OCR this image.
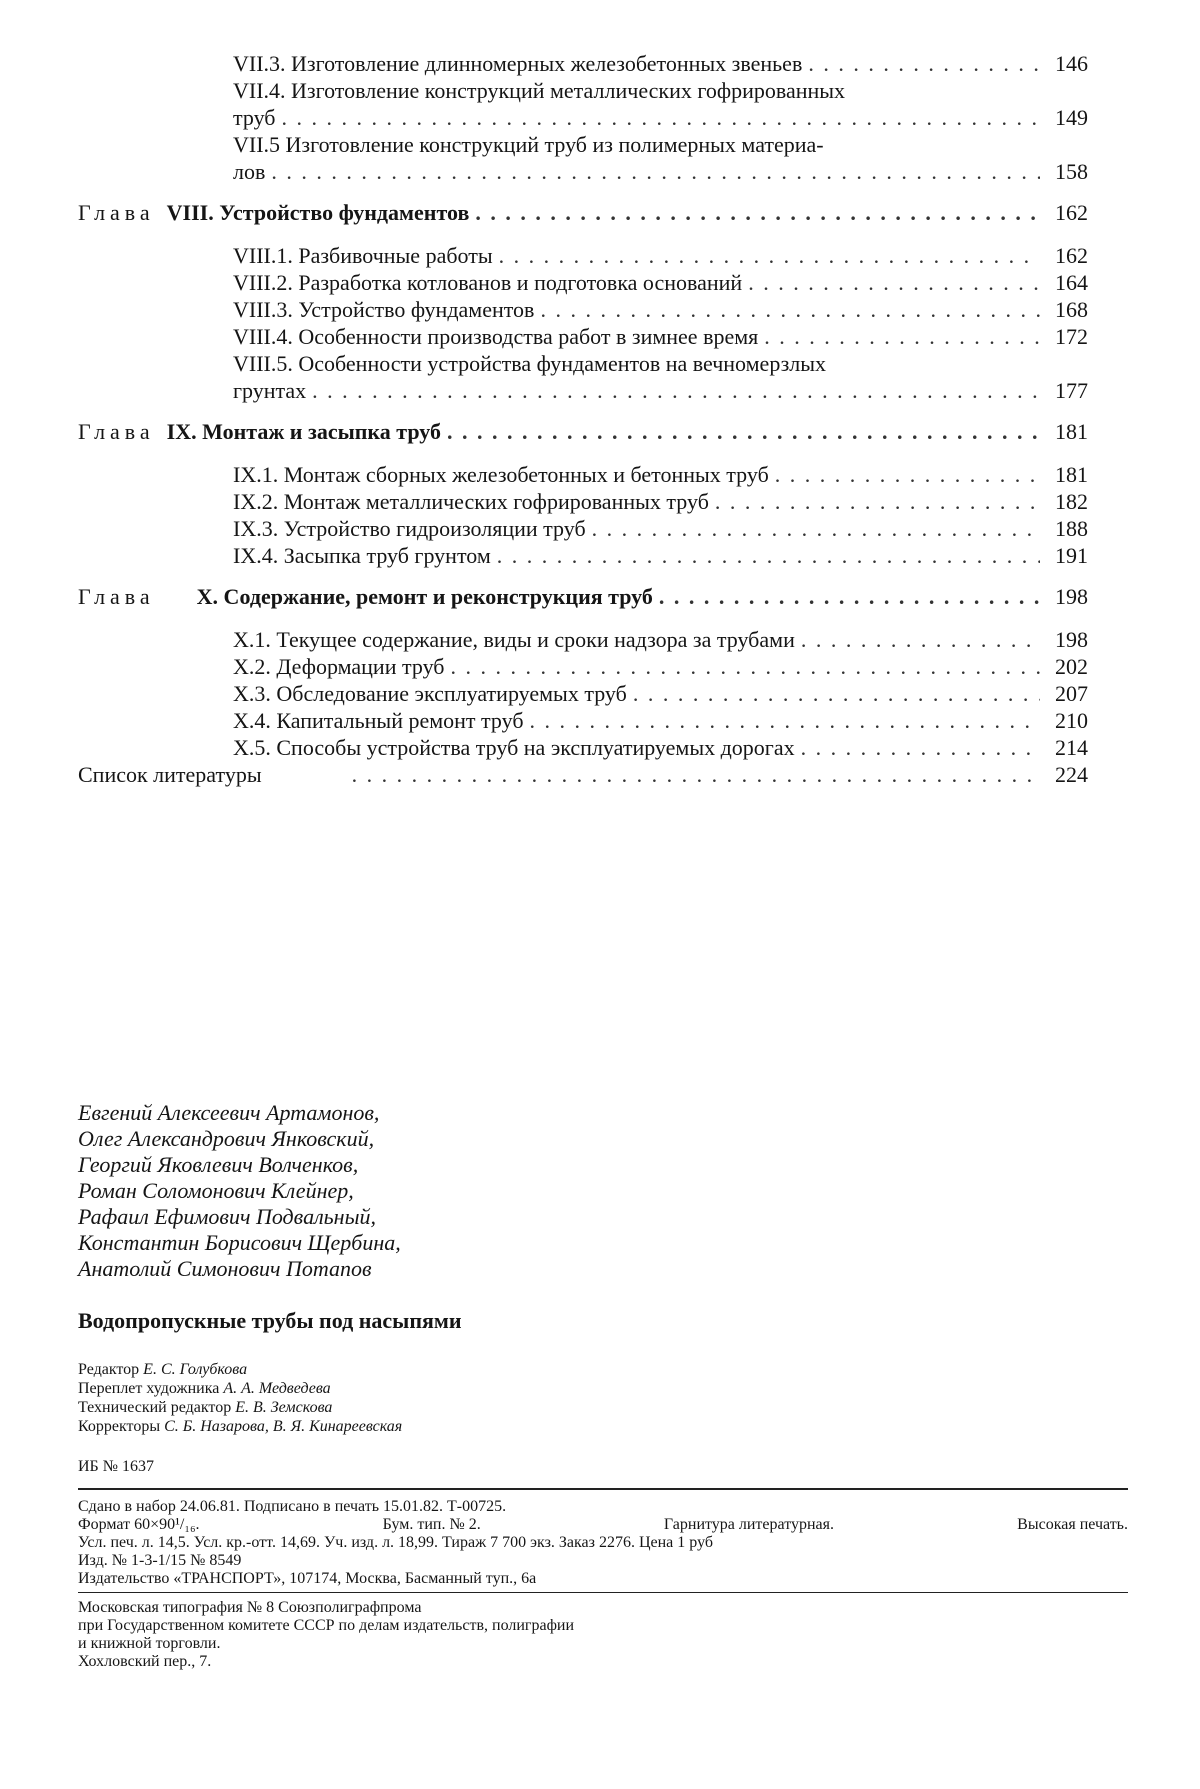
VII.3. Изготовление длинномерных железобетонных звеньев . . .	146
VII.4. Изготовление конструкций металлических гофрированных
труб . . .	149
VII.5 Изготовление конструкций труб из полимерных материа-
лов . . .	158
Глава VIII. Устройство фундаментов . . .	162
VIII.1. Разбивочные работы . . .	162
VIII.2. Разработка котлованов и подготовка оснований . . .	164
VIII.3. Устройство фундаментов . . .	168
VIII.4. Особенности производства работ в зимнее время . . .	172
VIII.5. Особенности устройства фундаментов на вечномерзлых
грунтах . . .	177
Глава IX. Монтаж и засыпка труб . . .	181
IX.1. Монтаж сборных железобетонных и бетонных труб . . .	181
IX.2. Монтаж металлических гофрированных труб . . .	182
IX.3. Устройство гидроизоляции труб . . .	188
IX.4. Засыпка труб грунтом . . .	191
Глава X. Содержание, ремонт и реконструкция труб . . .	198
X.1. Текущее содержание, виды и сроки надзора за трубами . . .	198
X.2. Деформации труб . . .	202
X.3. Обследование эксплуатируемых труб . . .	207
X.4. Капитальный ремонт труб . . .	210
X.5. Способы устройства труб на эксплуатируемых дорогах . . .	214
Список литературы . . .	224
Евгений Алексеевич Артамонов,
Олег Александрович Янковский,
Георгий Яковлевич Волченков,
Роман Соломонович Клейнер,
Рафаил Ефимович Подвальный,
Константин Борисович Щербина,
Анатолий Симонович Потапов
Водопропускные трубы под насыпями
Редактор Е. С. Голубкова
Переплет художника А. А. Медведева
Технический редактор Е. В. Земскова
Корректоры С. Б. Назарова, В. Я. Кинареевская
ИБ № 1637
Сдано в набор 24.06.81. Подписано в печать 15.01.82. Т-00725.
Формат 60×90¹/₁₆.	Бум. тип. № 2.	Гарнитура литературная.	Высокая печать.
Усл. печ. л. 14,5. Усл. кр.-отт. 14,69. Уч. изд. л. 18,99. Тираж 7 700 экз. Заказ 2276. Цена 1 руб
Изд. № 1-3-1/15 № 8549
Издательство «ТРАНСПОРТ», 107174, Москва, Басманный туп., 6а
Московская типография № 8 Союзполиграфпрома
при Государственном комитете СССР по делам издательств, полиграфии
и книжной торговли.
Хохловский пер., 7.
